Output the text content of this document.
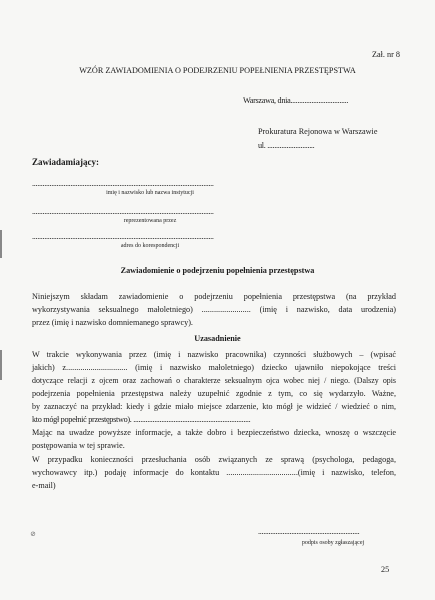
⊘
Zał. nr 8
WZÓR ZAWIADOMIENIA O PODEJRZENIU POPEŁNIENIA PRZESTĘPSTWA
Warszawa, dnia.................................
Prokuratura Rejonowa w Warszawie
ul. ...........................
Zawiadamiający:
........................................................................................................
imię i nazwisko lub nazwa instytucji
........................................................................................................
reprezentowana przez
........................................................................................................
adres do korespondencji
Zawiadomienie o podejrzeniu popełnienia przestępstwa
Niniejszym składam zawiadomienie o podejrzeniu popełnienia przestępstwa (na przykład
wykorzystywania seksualnego małoletniego) ........................ (imię i nazwisko, data urodzenia)
przez (imię i nazwisko domniemanego sprawcy).
Uzasadnienie
W trakcie wykonywania przez (imię i nazwisko pracownika) czynności służbowych – (wpisać
jakich) z.............................. (imię i nazwisko małoletniego) dziecko ujawniło niepokojące treści
dotyczące relacji z ojcem oraz zachowań o charakterze seksualnym ojca wobec niej / niego. (Dalszy opis
podejrzenia popełnienia przestępstwa należy uzupełnić zgodnie z tym, co się wydarzyło. Ważne,
by zaznaczyć na przykład: kiedy i gdzie miało miejsce zdarzenie, kto mógł je widzieć / wiedzieć o nim,
kto mógł popełnić przestępstwo). ...................................................................
Mając na uwadze powyższe informacje, a także dobro i bezpieczeństwo dziecka, wnoszę o wszczęcie
postępowania w tej sprawie.
W przypadku konieczności przesłuchania osób związanych ze sprawą (psychologa, pedagoga,
wychowawcy itp.) podaję informacje do kontaktu ...................................(imię i nazwisko, telefon,
e-mail)
..........................................................
podpis osoby zgłaszającej
25
